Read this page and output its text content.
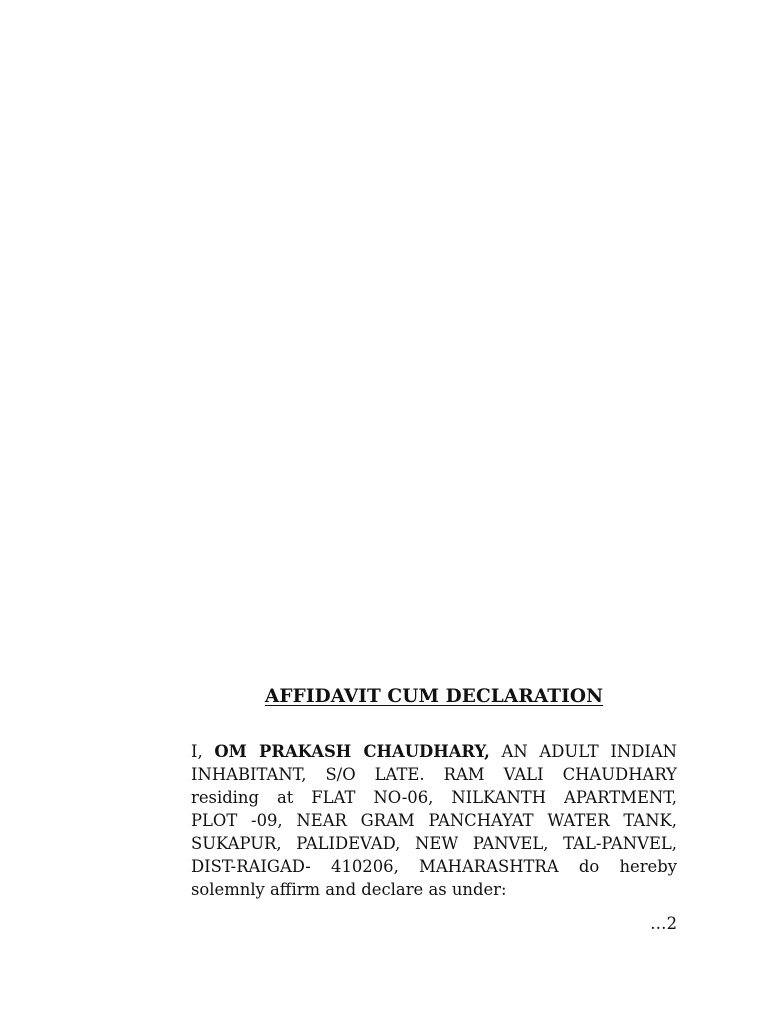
AFFIDAVIT CUM DECLARATION
I, OM PRAKASH CHAUDHARY, AN ADULT INDIAN
INHABITANT, S/O LATE. RAM VALI CHAUDHARY
residing at FLAT NO-06, NILKANTH APARTMENT,
PLOT -09, NEAR GRAM PANCHAYAT WATER TANK,
SUKAPUR, PALIDEVAD, NEW PANVEL, TAL-PANVEL,
DIST-RAIGAD- 410206, MAHARASHTRA do hereby
solemnly affirm and declare as under:
…2
